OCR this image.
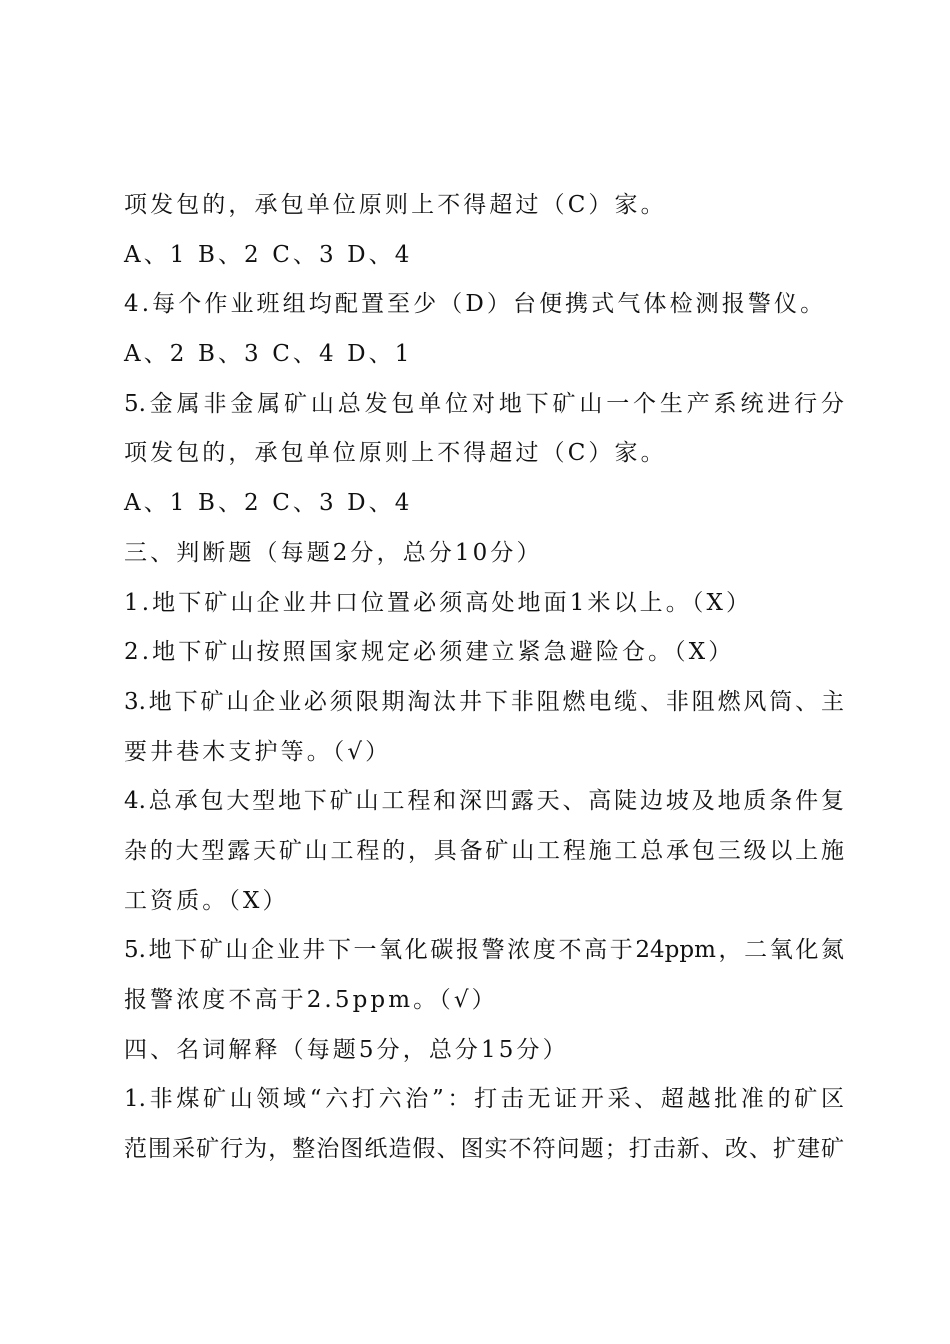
项发包的，承包单位原则上不得超过（C）家。
A、1 B、2 C、3 D、4
4.每个作业班组均配置至少（D）台便携式气体检测报警仪。
A、2 B、3 C、4 D、1
5.金属非金属矿山总发包单位对地下矿山一个生产系统进行分
项发包的，承包单位原则上不得超过（C）家。
A、1 B、2 C、3 D、4
三、判断题（每题2分，总分10分）
1.地下矿山企业井口位置必须高处地面1米以上。（X）
2.地下矿山按照国家规定必须建立紧急避险仓。（X）
3.地下矿山企业必须限期淘汰井下非阻燃电缆、非阻燃风筒、主
要井巷木支护等。（√）
4.总承包大型地下矿山工程和深凹露天、高陡边坡及地质条件复
杂的大型露天矿山工程的，具备矿山工程施工总承包三级以上施
工资质。（X）
5.地下矿山企业井下一氧化碳报警浓度不高于24ppm，二氧化氮
报警浓度不高于2.5ppm。（√）
四、名词解释（每题5分，总分15分）
1.非煤矿山领域“六打六治”：打击无证开采、超越批准的矿区
范围采矿行为，整治图纸造假、图实不符问题；打击新、改、扩建矿
